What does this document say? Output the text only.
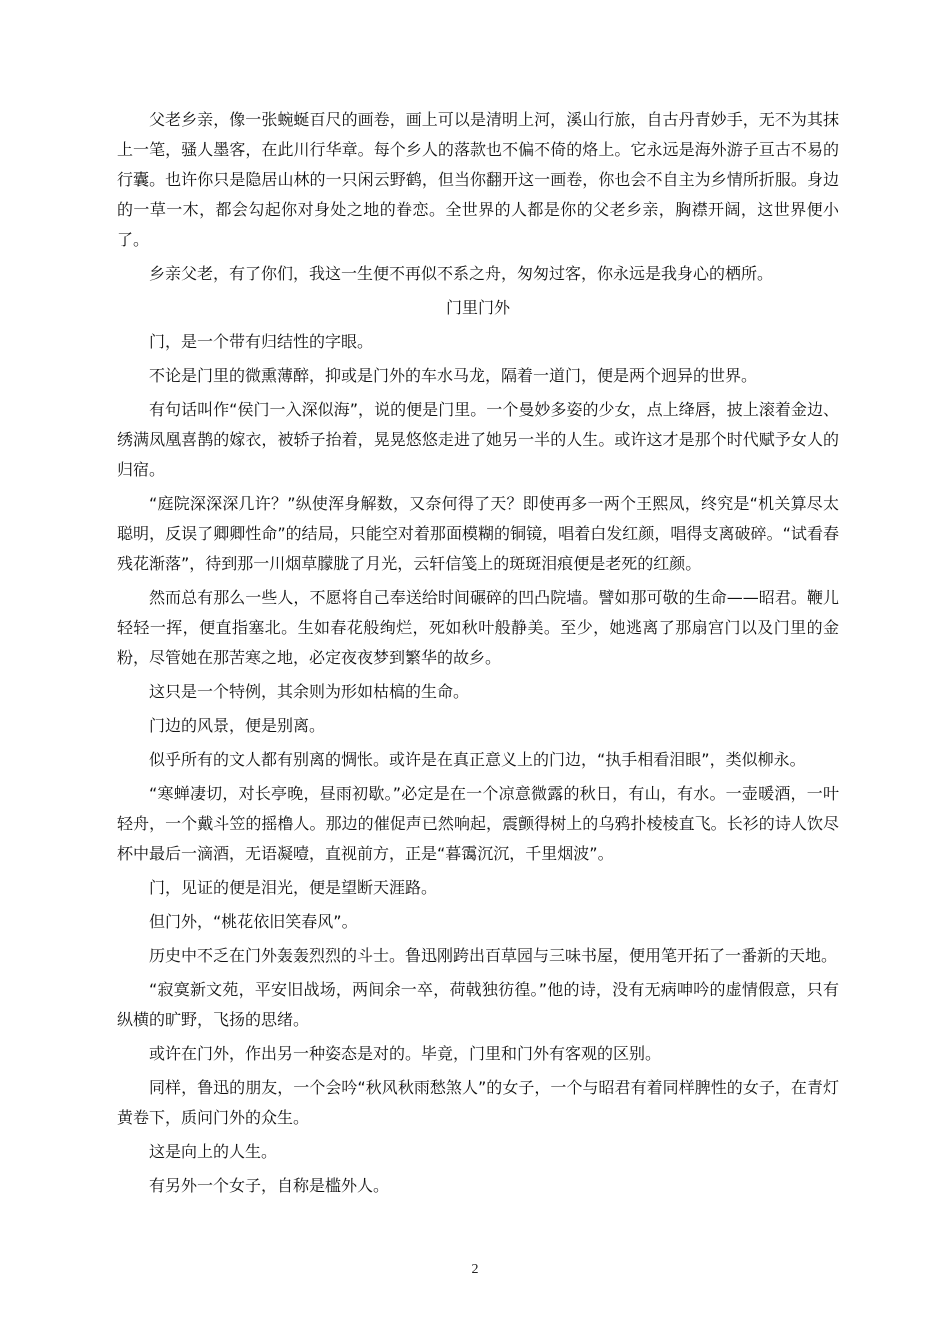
父老乡亲，像一张蜿蜒百尺的画卷，画上可以是清明上河，溪山行旅，自古丹青妙手，无不为其抹上一笔，骚人墨客，在此川行华章。每个乡人的落款也不偏不倚的烙上。它永远是海外游子亘古不易的行囊。也许你只是隐居山林的一只闲云野鹤，但当你翻开这一画卷，你也会不自主为乡情所折服。身边的一草一木，都会勾起你对身处之地的眷恋。全世界的人都是你的父老乡亲，胸襟开阔，这世界便小了。

乡亲父老，有了你们，我这一生便不再似不系之舟，匆匆过客，你永远是我身心的栖所。

门里门外

门，是一个带有归结性的字眼。

不论是门里的微熏薄醉，抑或是门外的车水马龙，隔着一道门，便是两个迥异的世界。

有句话叫作“侯门一入深似海”，说的便是门里。一个曼妙多姿的少女，点上绛唇，披上滚着金边、绣满凤凰喜鹊的嫁衣，被轿子抬着，晃晃悠悠走进了她另一半的人生。或许这才是那个时代赋予女人的归宿。

“庭院深深深几许？”纵使浑身解数，又奈何得了天？即使再多一两个王熙凤，终究是“机关算尽太聪明，反误了卿卿性命”的结局，只能空对着那面模糊的铜镜，唱着白发红颜，唱得支离破碎。“试看春残花渐落”，待到那一川烟草朦胧了月光，云轩信笺上的斑斑泪痕便是老死的红颜。

然而总有那么一些人，不愿将自己奉送给时间碾碎的凹凸院墙。譬如那可敬的生命——昭君。鞭儿轻轻一挥，便直指塞北。生如春花般绚烂，死如秋叶般静美。至少，她逃离了那扇宫门以及门里的金粉，尽管她在那苦寒之地，必定夜夜梦到繁华的故乡。

这只是一个特例，其余则为形如枯槁的生命。

门边的风景，便是别离。

似乎所有的文人都有别离的惆怅。或许是在真正意义上的门边，“执手相看泪眼”，类似柳永。

“寒蝉凄切，对长亭晚，昼雨初歇。”必定是在一个凉意微露的秋日，有山，有水。一壶暖酒，一叶轻舟，一个戴斗笠的摇橹人。那边的催促声已然响起，震颤得树上的乌鸦扑棱棱直飞。长衫的诗人饮尽杯中最后一滴酒，无语凝噎，直视前方，正是“暮霭沉沉，千里烟波”。

门，见证的便是泪光，便是望断天涯路。

但门外，“桃花依旧笑春风”。

历史中不乏在门外轰轰烈烈的斗士。鲁迅刚跨出百草园与三味书屋，便用笔开拓了一番新的天地。

“寂寞新文苑，平安旧战场，两间余一卒，荷戟独彷徨。”他的诗，没有无病呻吟的虚情假意，只有纵横的旷野，飞扬的思绪。

或许在门外，作出另一种姿态是对的。毕竟，门里和门外有客观的区别。

同样，鲁迅的朋友，一个会吟“秋风秋雨愁煞人”的女子，一个与昭君有着同样脾性的女子，在青灯黄卷下，质问门外的众生。

这是向上的人生。

有另外一个女子，自称是槛外人。

2
